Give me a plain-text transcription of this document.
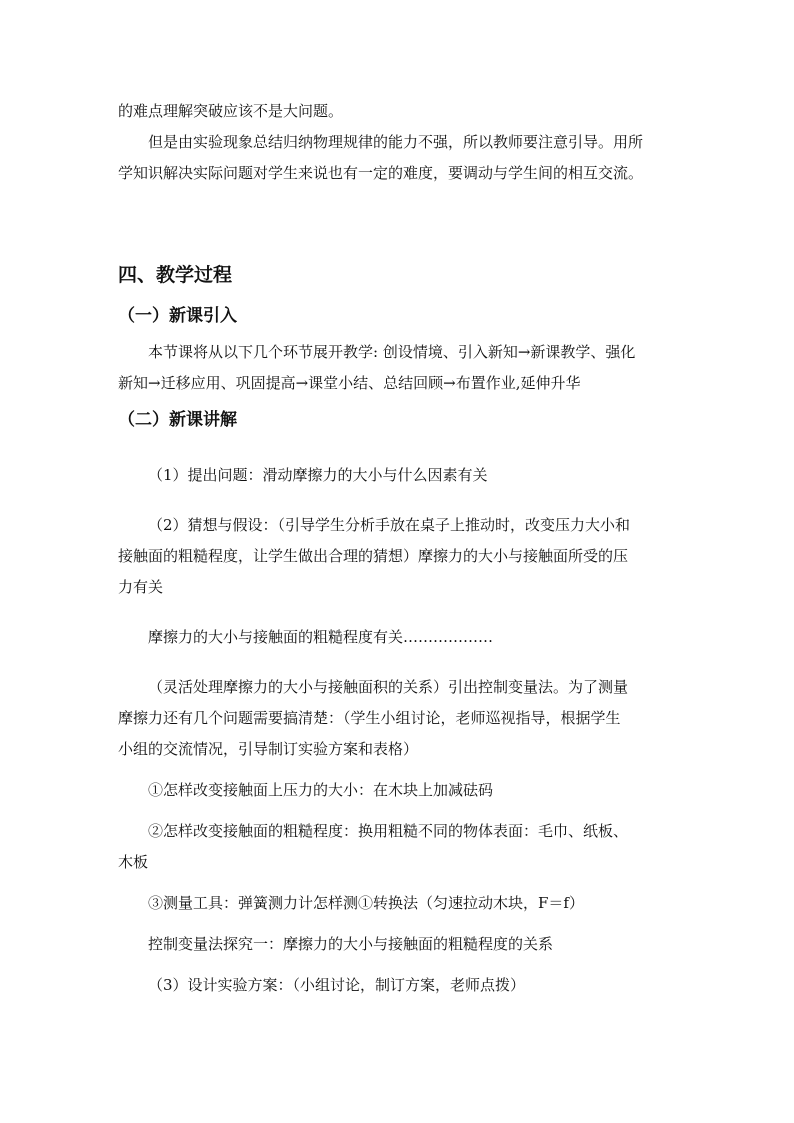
的难点理解突破应该不是大问题。
但是由实验现象总结归纳物理规律的能力不强，所以教师要注意引导。用所
学知识解决实际问题对学生来说也有一定的难度，要调动与学生间的相互交流。
四、教学过程
（一）新课引入
本节课将从以下几个环节展开教学: 创设情境、引入新知→新课教学、强化
新知→迁移应用、巩固提高→课堂小结、总结回顾→布置作业,延伸升华
（二）新课讲解
（1）提出问题：滑动摩擦力的大小与什么因素有关
（2）猜想与假设：（引导学生分析手放在桌子上推动时，改变压力大小和
接触面的粗糙程度，让学生做出合理的猜想）摩擦力的大小与接触面所受的压
力有关
摩擦力的大小与接触面的粗糙程度有关………………
（灵活处理摩擦力的大小与接触面积的关系）引出控制变量法。为了测量
摩擦力还有几个问题需要搞清楚：（学生小组讨论，老师巡视指导，根据学生
小组的交流情况，引导制订实验方案和表格）
①怎样改变接触面上压力的大小：在木块上加减砝码
②怎样改变接触面的粗糙程度：换用粗糙不同的物体表面：毛巾、纸板、
木板
③测量工具：弹簧测力计怎样测①转换法（匀速拉动木块，F＝f）
控制变量法探究一：摩擦力的大小与接触面的粗糙程度的关系
（3）设计实验方案：（小组讨论，制订方案，老师点拨）
